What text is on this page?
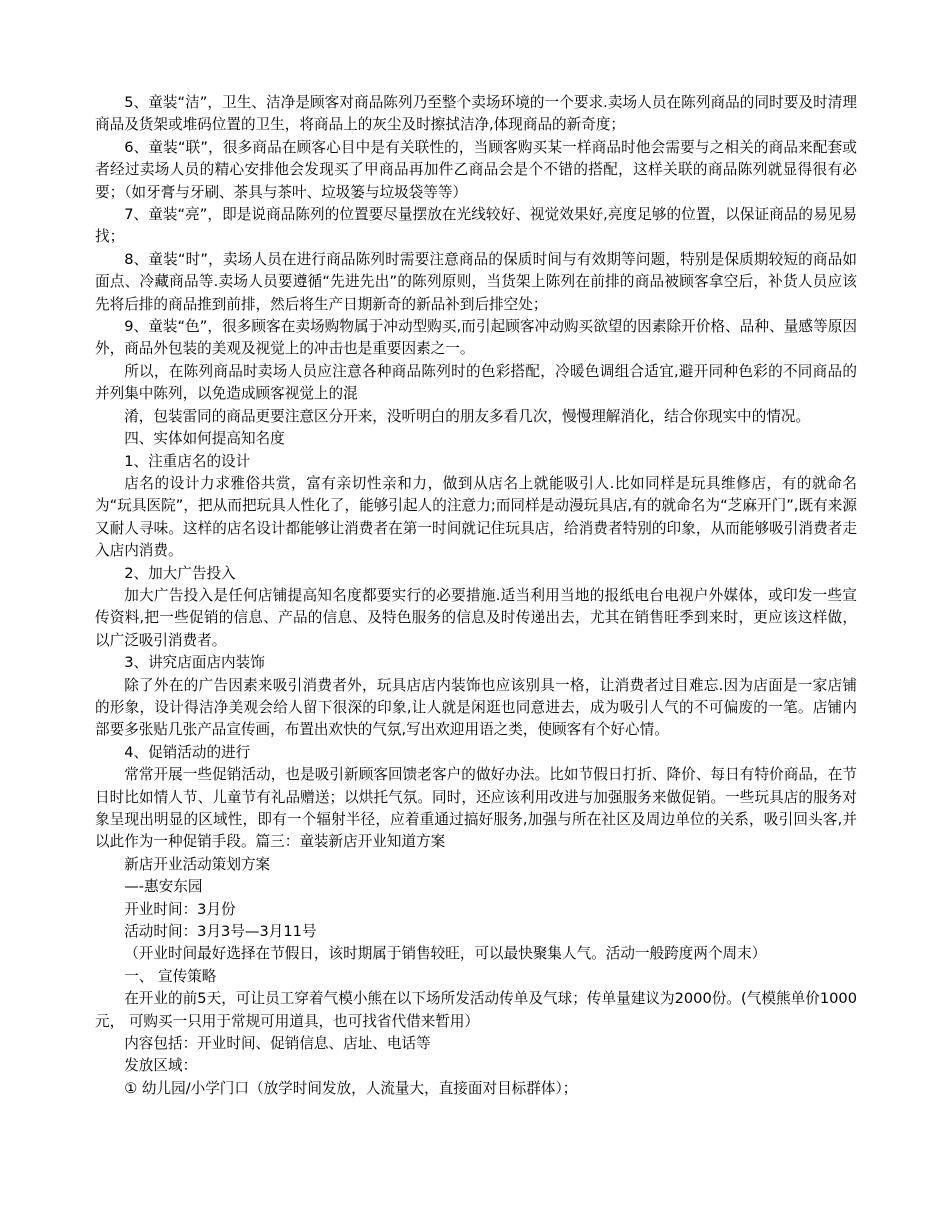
5、童装“洁”，卫生、洁净是顾客对商品陈列乃至整个卖场环境的一个要求.卖场人员在陈列商品的同时要及时清理商品及货架或堆码位置的卫生，将商品上的灰尘及时擦拭洁净,体现商品的新奇度；

6、童装“联”，很多商品在顾客心目中是有关联性的，当顾客购买某一样商品时他会需要与之相关的商品来配套或者经过卖场人员的精心安排他会发现买了甲商品再加件乙商品会是个不错的搭配，这样关联的商品陈列就显得很有必要；（如牙膏与牙刷、茶具与茶叶、垃圾篓与垃圾袋等等）

7、童装“亮”，即是说商品陈列的位置要尽量摆放在光线较好、视觉效果好,亮度足够的位置，以保证商品的易见易找；

8、童装“时”，卖场人员在进行商品陈列时需要注意商品的保质时间与有效期等问题，特别是保质期较短的商品如面点、冷藏商品等.卖场人员要遵循“先进先出”的陈列原则，当货架上陈列在前排的商品被顾客拿空后，补货人员应该先将后排的商品推到前排，然后将生产日期新奇的新品补到后排空处；

9、童装“色”，很多顾客在卖场购物属于冲动型购买,而引起顾客冲动购买欲望的因素除开价格、品种、量感等原因外，商品外包装的美观及视觉上的冲击也是重要因素之一。

所以，在陈列商品时卖场人员应注意各种商品陈列时的色彩搭配，冷暖色调组合适宜,避开同种色彩的不同商品的并列集中陈列，以免造成顾客视觉上的混

淆，包装雷同的商品更要注意区分开来，没听明白的朋友多看几次，慢慢理解消化，结合你现实中的情况。

四、实体如何提高知名度

1、注重店名的设计

店名的设计力求雅俗共赏，富有亲切性亲和力，做到从店名上就能吸引人.比如同样是玩具维修店，有的就命名为“玩具医院”，把从而把玩具人性化了，能够引起人的注意力;而同样是动漫玩具店,有的就命名为“芝麻开门”,既有来源又耐人寻味。这样的店名设计都能够让消费者在第一时间就记住玩具店，给消费者特别的印象，从而能够吸引消费者走入店内消费。

2、加大广告投入

加大广告投入是任何店铺提高知名度都要实行的必要措施.适当利用当地的报纸电台电视户外媒体，或印发一些宣传资料,把一些促销的信息、产品的信息、及特色服务的信息及时传递出去，尤其在销售旺季到来时，更应该这样做，以广泛吸引消费者。

3、讲究店面店内装饰

除了外在的广告因素来吸引消费者外，玩具店店内装饰也应该别具一格，让消费者过目难忘.因为店面是一家店铺的形象，设计得洁净美观会给人留下很深的印象,让人就是闲逛也同意进去，成为吸引人气的不可偏废的一笔。店铺内部要多张贴几张产品宣传画，布置出欢快的气氛,写出欢迎用语之类，使顾客有个好心情。

4、促销活动的进行

常常开展一些促销活动，也是吸引新顾客回馈老客户的做好办法。比如节假日打折、降价、每日有特价商品，在节日时比如情人节、儿童节有礼品赠送；以烘托气氛。同时，还应该利用改进与加强服务来做促销。一些玩具店的服务对象呈现出明显的区域性，即有一个辐射半径，应着重通过搞好服务,加强与所在社区及周边单位的关系，吸引回头客,并以此作为一种促销手段。篇三：童装新店开业知道方案

新店开业活动策划方案

—-惠安东园

开业时间：3月份

活动时间：3月3号—3月11号

（开业时间最好选择在节假日，该时期属于销售较旺，可以最快聚集人气。活动一般跨度两个周末）

一、 宣传策略

在开业的前5天，可让员工穿着气模小熊在以下场所发活动传单及气球；传单量建议为2000份。(气模熊单价1000元， 可购买一只用于常规可用道具，也可找省代借来暂用）

内容包括：开业时间、促销信息、店址、电话等

发放区域：

① 幼儿园/小学门口（放学时间发放，人流量大，直接面对目标群体）；
